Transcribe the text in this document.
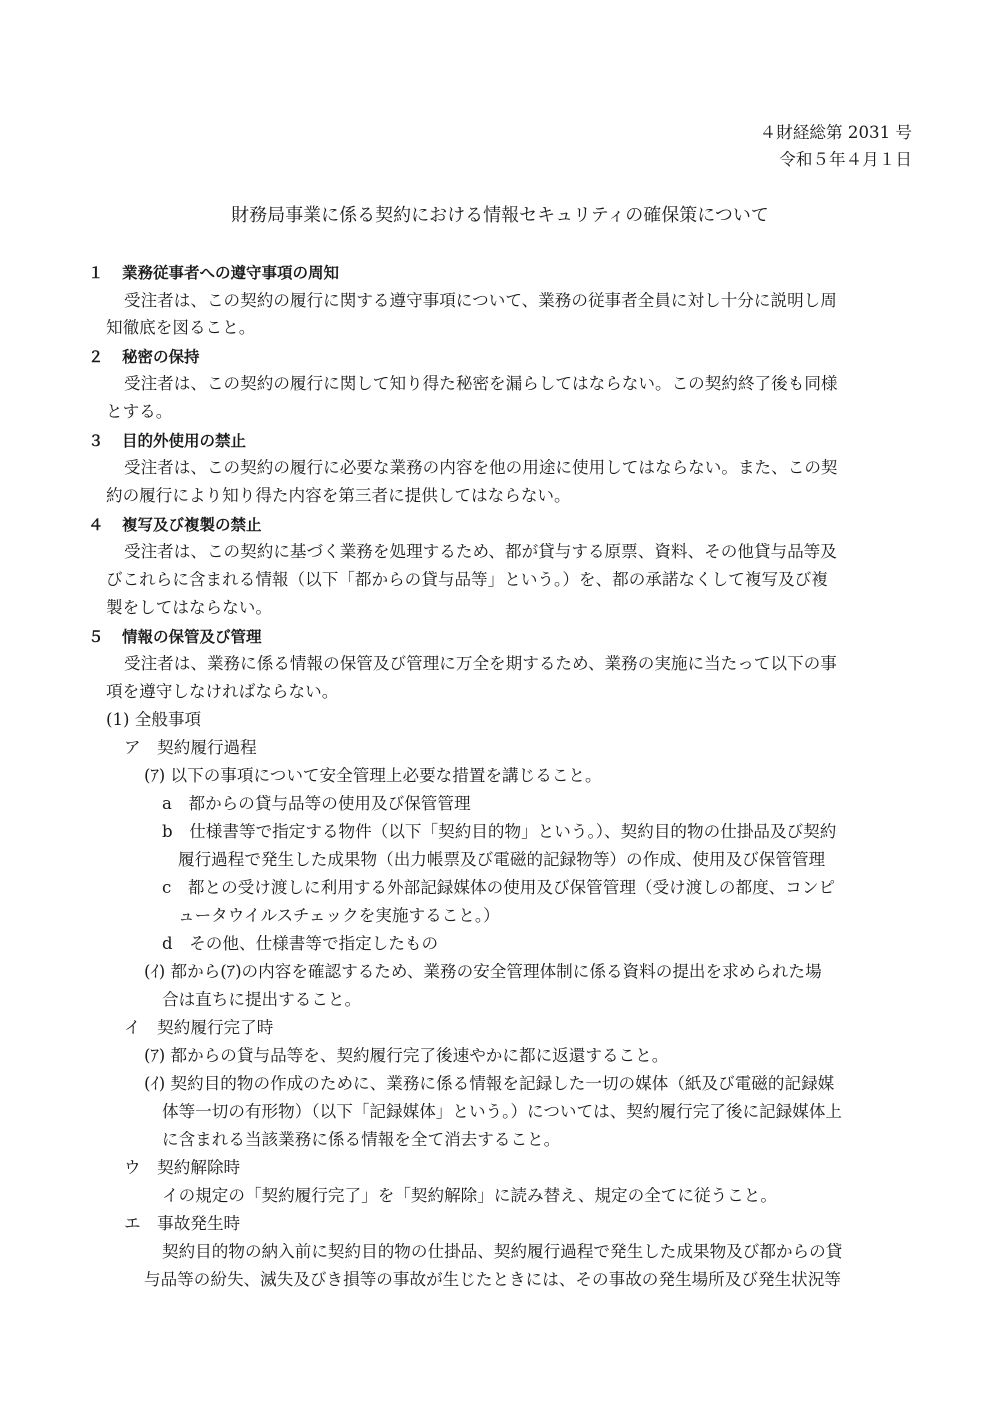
４財経総第 2031 号
令和５年４月１日
財務局事業に係る契約における情報セキュリティの確保策について
１ 業務従事者への遵守事項の周知
受注者は、この契約の履行に関する遵守事項について、業務の従事者全員に対し十分に説明し周
知徹底を図ること。
２ 秘密の保持
受注者は、この契約の履行に関して知り得た秘密を漏らしてはならない。この契約終了後も同様
とする。
３ 目的外使用の禁止
受注者は、この契約の履行に必要な業務の内容を他の用途に使用してはならない。また、この契
約の履行により知り得た内容を第三者に提供してはならない。
４ 複写及び複製の禁止
受注者は、この契約に基づく業務を処理するため、都が貸与する原票、資料、その他貸与品等及
びこれらに含まれる情報（以下「都からの貸与品等」という。）を、都の承諾なくして複写及び複
製をしてはならない。
５ 情報の保管及び管理
受注者は、業務に係る情報の保管及び管理に万全を期するため、業務の実施に当たって以下の事
項を遵守しなければならない。
(1) 全般事項
ア　契約履行過程
(ｱ) 以下の事項について安全管理上必要な措置を講じること。
a　都からの貸与品等の使用及び保管管理
b　仕様書等で指定する物件（以下「契約目的物」という。）、契約目的物の仕掛品及び契約
履行過程で発生した成果物（出力帳票及び電磁的記録物等）の作成、使用及び保管管理
c　都との受け渡しに利用する外部記録媒体の使用及び保管管理（受け渡しの都度、コンピ
ュータウイルスチェックを実施すること。）
d　その他、仕様書等で指定したもの
(ｲ) 都から(ｱ)の内容を確認するため、業務の安全管理体制に係る資料の提出を求められた場
合は直ちに提出すること。
イ　契約履行完了時
(ｱ) 都からの貸与品等を、契約履行完了後速やかに都に返還すること。
(ｲ) 契約目的物の作成のために、業務に係る情報を記録した一切の媒体（紙及び電磁的記録媒
体等一切の有形物）（以下「記録媒体」という。）については、契約履行完了後に記録媒体上
に含まれる当該業務に係る情報を全て消去すること。
ウ　契約解除時
イの規定の「契約履行完了」を「契約解除」に読み替え、規定の全てに従うこと。
エ　事故発生時
契約目的物の納入前に契約目的物の仕掛品、契約履行過程で発生した成果物及び都からの貸
与品等の紛失、滅失及びき損等の事故が生じたときには、その事故の発生場所及び発生状況等
